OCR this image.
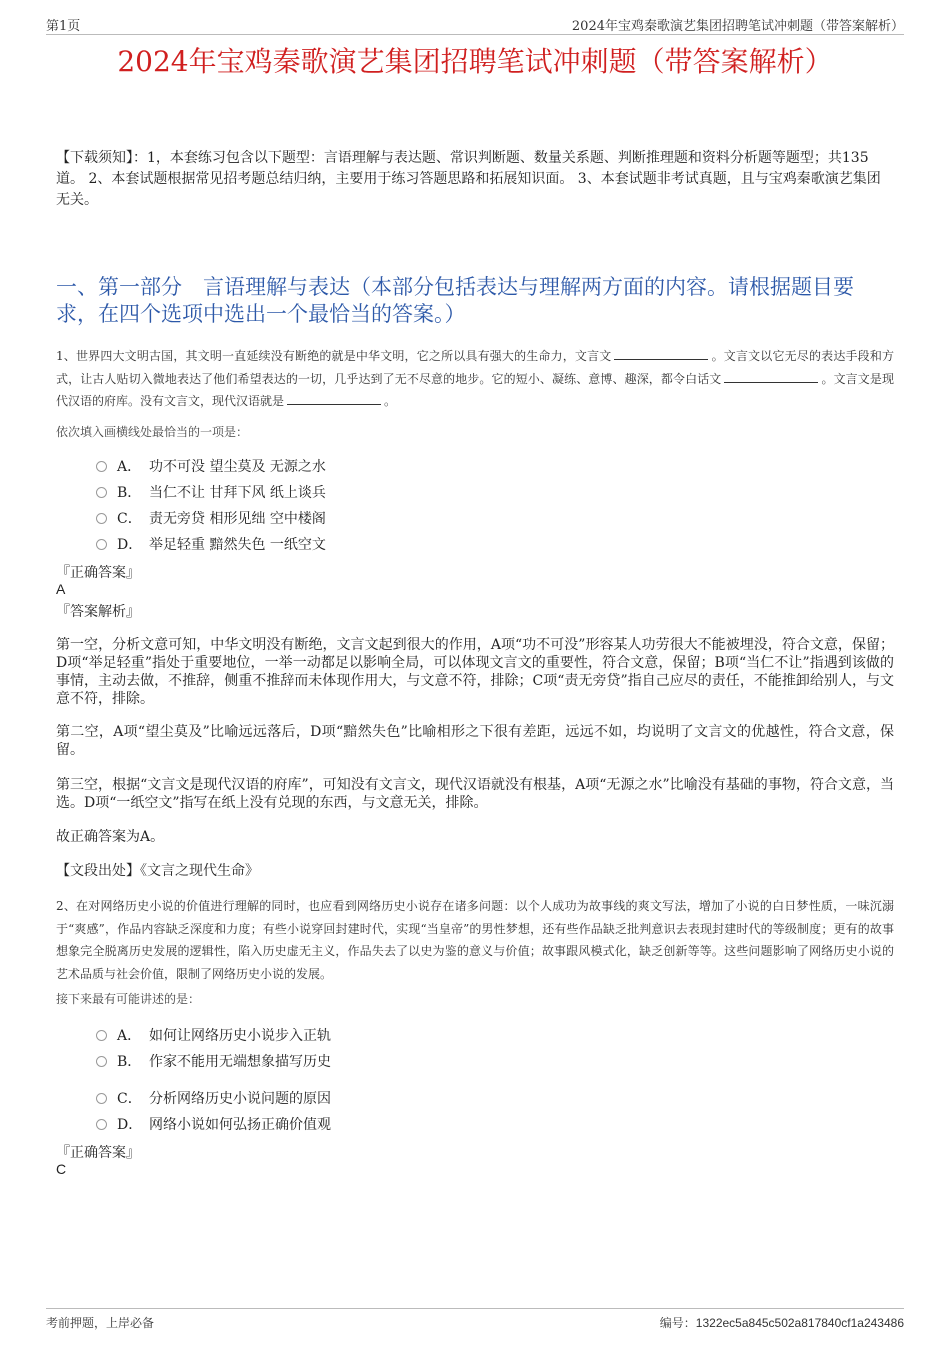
第1页	2024年宝鸡秦歌演艺集团招聘笔试冲刺题（带答案解析）
2024年宝鸡秦歌演艺集团招聘笔试冲刺题（带答案解析）
【下载须知】：1，本套练习包含以下题型：言语理解与表达题、常识判断题、数量关系题、判断推理题和资料分析题等题型；共135道。 2、本套试题根据常见招考题总结归纳，主要用于练习答题思路和拓展知识面。 3、本套试题非考试真题，且与宝鸡秦歌演艺集团无关。
一、第一部分　言语理解与表达（本部分包括表达与理解两方面的内容。请根据题目要求，在四个选项中选出一个最恰当的答案。）
1、世界四大文明古国，其文明一直延续没有断绝的就是中华文明，它之所以具有强大的生命力，文言文	。文言文以它无尽的表达手段和方式，让古人贴切入微地表达了他们希望表达的一切，几乎达到了无不尽意的地步。它的短小、凝练、意博、趣深，都令白话文	。文言文是现代汉语的府库。没有文言文，现代汉语就是	。
依次填入画横线处最恰当的一项是：
A． 功不可没 望尘莫及 无源之水
B． 当仁不让 甘拜下风 纸上谈兵
C． 责无旁贷 相形见绌 空中楼阁
D． 举足轻重 黯然失色 一纸空文
『正确答案』
A
『答案解析』
第一空，分析文意可知，中华文明没有断绝，文言文起到很大的作用，A项“功不可没”形容某人功劳很大不能被埋没，符合文意，保留；D项“举足轻重”指处于重要地位，一举一动都足以影响全局，可以体现文言文的重要性，符合文意，保留；B项“当仁不让”指遇到该做的事情，主动去做，不推辞，侧重不推辞而未体现作用大，与文意不符，排除；C项“责无旁贷”指自己应尽的责任，不能推卸给别人，与文意不符，排除。
第二空，A项“望尘莫及”比喻远远落后，D项“黯然失色”比喻相形之下很有差距，远远不如，均说明了文言文的优越性，符合文意，保留。
第三空，根据“文言文是现代汉语的府库”，可知没有文言文，现代汉语就没有根基，A项“无源之水”比喻没有基础的事物，符合文意，当选。D项“一纸空文”指写在纸上没有兑现的东西，与文意无关，排除。
故正确答案为A。
【文段出处】《文言之现代生命》
2、在对网络历史小说的价值进行理解的同时，也应看到网络历史小说存在诸多问题：以个人成功为故事线的爽文写法，增加了小说的白日梦性质，一味沉溺于“爽感”，作品内容缺乏深度和力度；有些小说穿回封建时代，实现“当皇帝”的男性梦想，还有些作品缺乏批判意识去表现封建时代的等级制度；更有的故事想象完全脱离历史发展的逻辑性，陷入历史虚无主义，作品失去了以史为鉴的意义与价值；故事跟风模式化，缺乏创新等等。这些问题影响了网络历史小说的艺术品质与社会价值，限制了网络历史小说的发展。
接下来最有可能讲述的是：
A． 如何让网络历史小说步入正轨
B． 作家不能用无端想象描写历史
C． 分析网络历史小说问题的原因
D． 网络小说如何弘扬正确价值观
『正确答案』
C
考前押题，上岸必备	编号：1322ec5a845c502a817840cf1a243486
